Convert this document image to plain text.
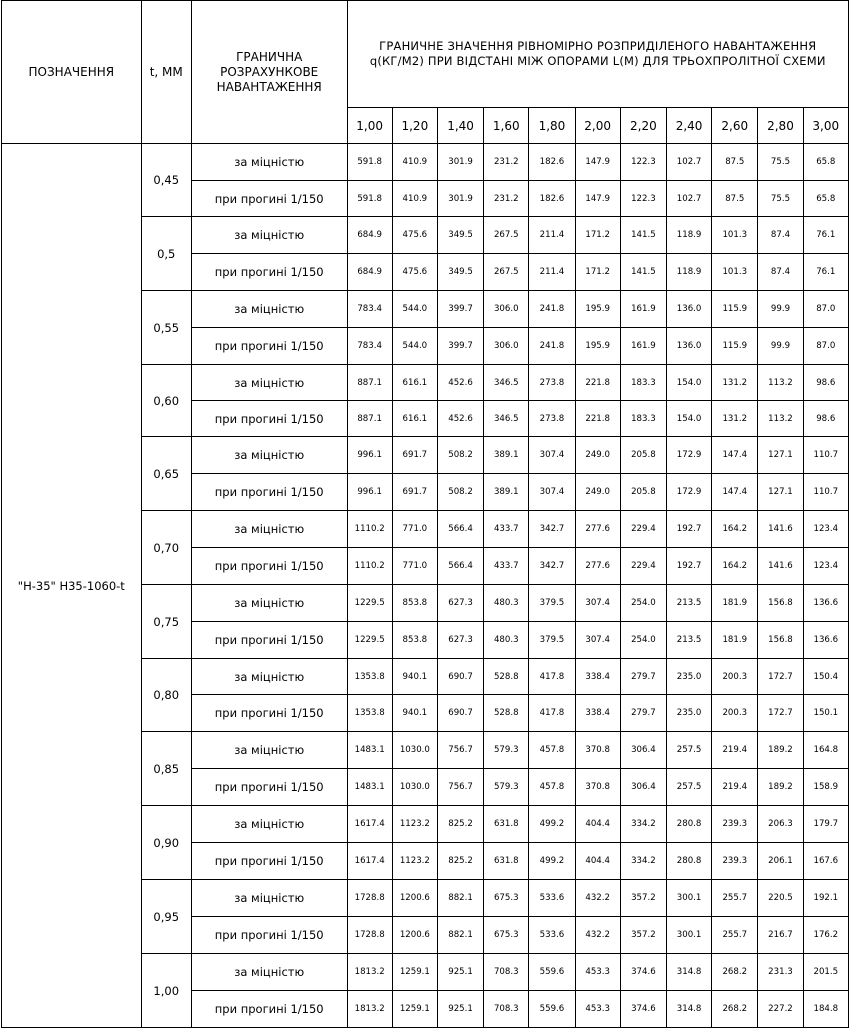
ПОЗНАЧЕННЯ	t, ММ	ГРАНИЧНА РОЗРАХУНКОВЕ НАВАНТАЖЕННЯ	ГРАНИЧНЕ ЗНАЧЕННЯ РІВНОМІРНО РОЗПРИДІЛЕНОГО НАВАНТАЖЕННЯ q(КГ/М2) ПРИ ВІДСТАНІ МІЖ ОПОРАМИ L(М) ДЛЯ ТРЬОХПРОЛІТНОЇ СХЕМИ										
			1,00	1,20	1,40	1,60	1,80	2,00	2,20	2,40	2,60	2,80	3,00
"Н-35" Н35-1060-t	0,45	за міцністю	591.8	410.9	301.9	231.2	182.6	147.9	122.3	102.7	87.5	75.5	65.8
		при прогині 1/150	591.8	410.9	301.9	231.2	182.6	147.9	122.3	102.7	87.5	75.5	65.8
	0,5	за міцністю	684.9	475.6	349.5	267.5	211.4	171.2	141.5	118.9	101.3	87.4	76.1
		при прогині 1/150	684.9	475.6	349.5	267.5	211.4	171.2	141.5	118.9	101.3	87.4	76.1
	0,55	за міцністю	783.4	544.0	399.7	306.0	241.8	195.9	161.9	136.0	115.9	99.9	87.0
		при прогині 1/150	783.4	544.0	399.7	306.0	241.8	195.9	161.9	136.0	115.9	99.9	87.0
	0,60	за міцністю	887.1	616.1	452.6	346.5	273.8	221.8	183.3	154.0	131.2	113.2	98.6
		при прогині 1/150	887.1	616.1	452.6	346.5	273.8	221.8	183.3	154.0	131.2	113.2	98.6
	0,65	за міцністю	996.1	691.7	508.2	389.1	307.4	249.0	205.8	172.9	147.4	127.1	110.7
		при прогині 1/150	996.1	691.7	508.2	389.1	307.4	249.0	205.8	172.9	147.4	127.1	110.7
	0,70	за міцністю	1110.2	771.0	566.4	433.7	342.7	277.6	229.4	192.7	164.2	141.6	123.4
		при прогині 1/150	1110.2	771.0	566.4	433.7	342.7	277.6	229.4	192.7	164.2	141.6	123.4
	0,75	за міцністю	1229.5	853.8	627.3	480.3	379.5	307.4	254.0	213.5	181.9	156.8	136.6
		при прогині 1/150	1229.5	853.8	627.3	480.3	379.5	307.4	254.0	213.5	181.9	156.8	136.6
	0,80	за міцністю	1353.8	940.1	690.7	528.8	417.8	338.4	279.7	235.0	200.3	172.7	150.4
		при прогині 1/150	1353.8	940.1	690.7	528.8	417.8	338.4	279.7	235.0	200.3	172.7	150.1
	0,85	за міцністю	1483.1	1030.0	756.7	579.3	457.8	370.8	306.4	257.5	219.4	189.2	164.8
		при прогині 1/150	1483.1	1030.0	756.7	579.3	457.8	370.8	306.4	257.5	219.4	189.2	158.9
	0,90	за міцністю	1617.4	1123.2	825.2	631.8	499.2	404.4	334.2	280.8	239.3	206.3	179.7
		при прогині 1/150	1617.4	1123.2	825.2	631.8	499.2	404.4	334.2	280.8	239.3	206.1	167.6
	0,95	за міцністю	1728.8	1200.6	882.1	675.3	533.6	432.2	357.2	300.1	255.7	220.5	192.1
		при прогині 1/150	1728.8	1200.6	882.1	675.3	533.6	432.2	357.2	300.1	255.7	216.7	176.2
	1,00	за міцністю	1813.2	1259.1	925.1	708.3	559.6	453.3	374.6	314.8	268.2	231.3	201.5
		при прогині 1/150	1813.2	1259.1	925.1	708.3	559.6	453.3	374.6	314.8	268.2	227.2	184.8
